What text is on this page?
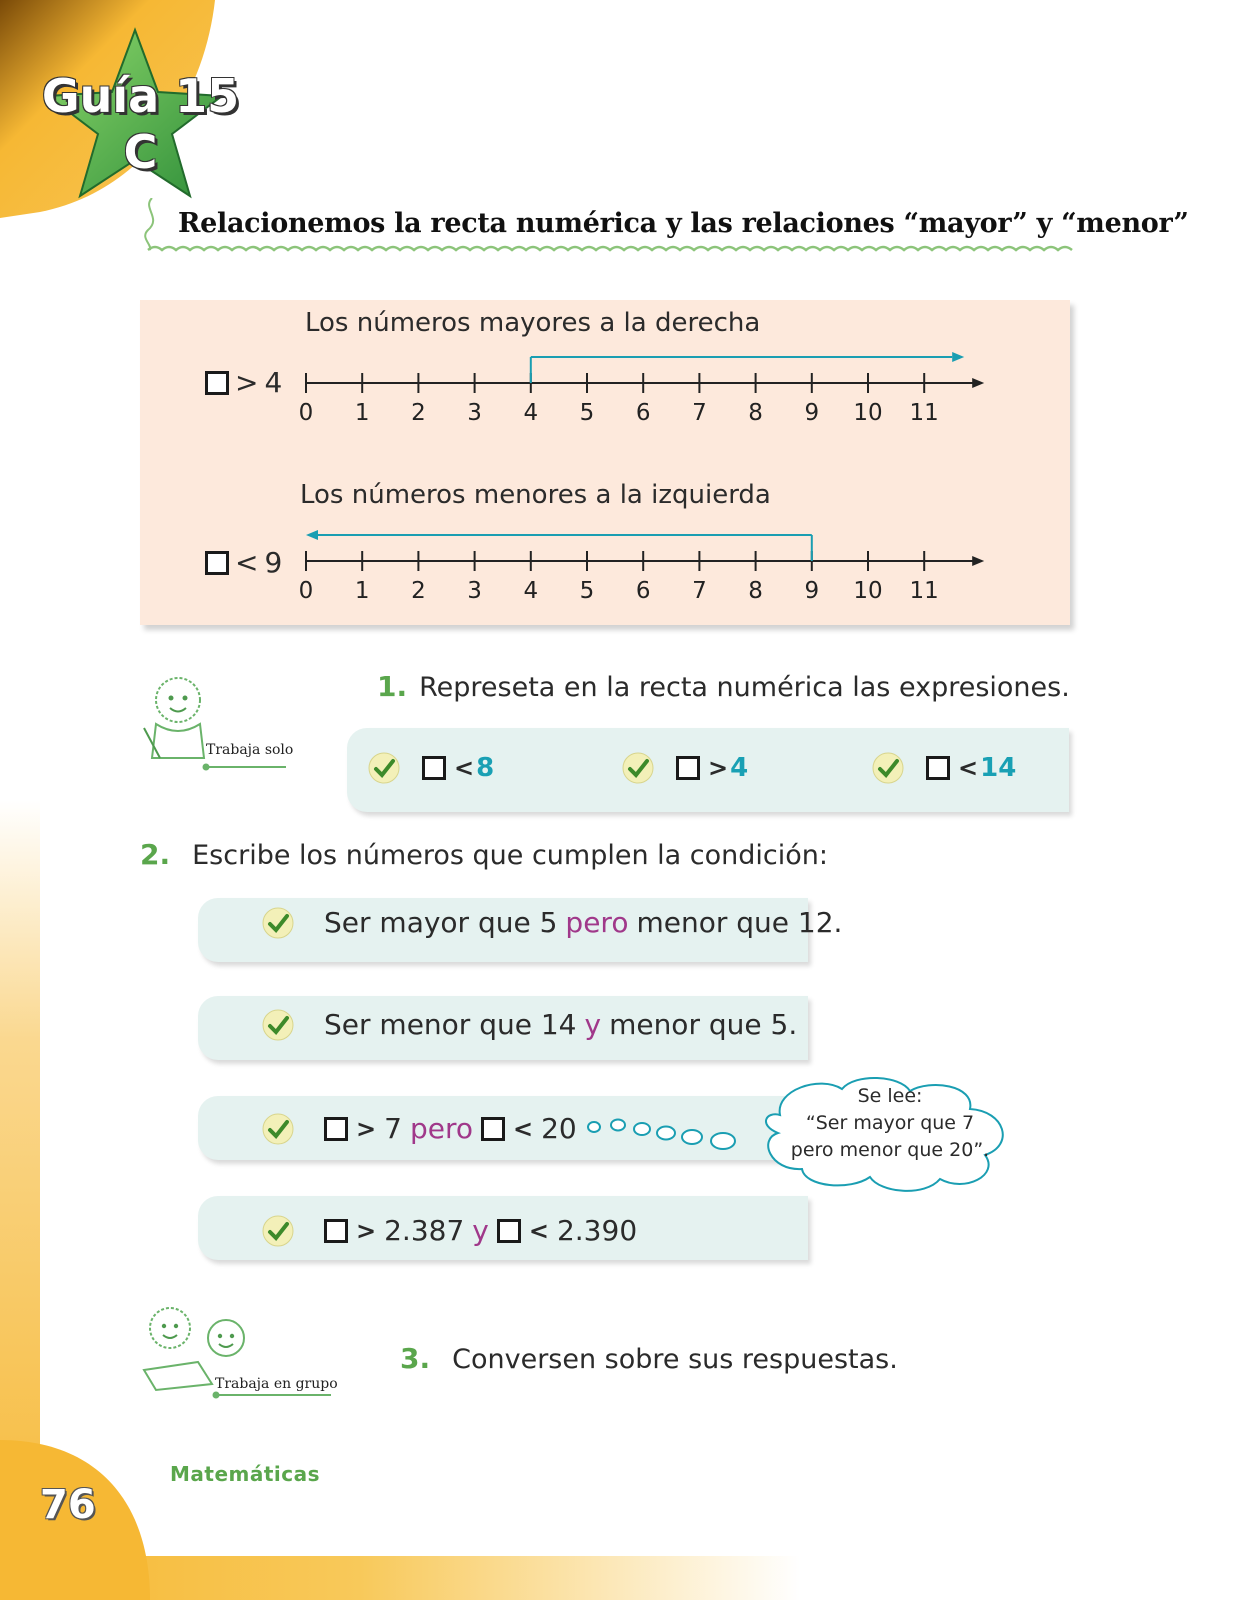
Guía 15
C
Relacionemos la recta numérica y las relaciones “mayor” y “menor”
Los números mayores a la derecha
> 4
0	1	2	3	4	5	6	7	8	9	10 11
Los números menores a la izquierda
< 9
0	1	2	3	4	5	6	7	8	9	10 11
Trabaja solo
1. Represeta en la recta numérica las expresiones.
< 8	> 4	< 14
2. Escribe los números que cumplen la condición:
Ser mayor que 5 pero menor que 12.
Ser menor que 14 y menor que 5.
> 7 pero < 20
> 2.387 y < 2.390
Se lee:
“Ser mayor que 7
pero menor que 20”.
Trabaja en grupo
3. Conversen sobre sus respuestas.
Matemáticas
76
